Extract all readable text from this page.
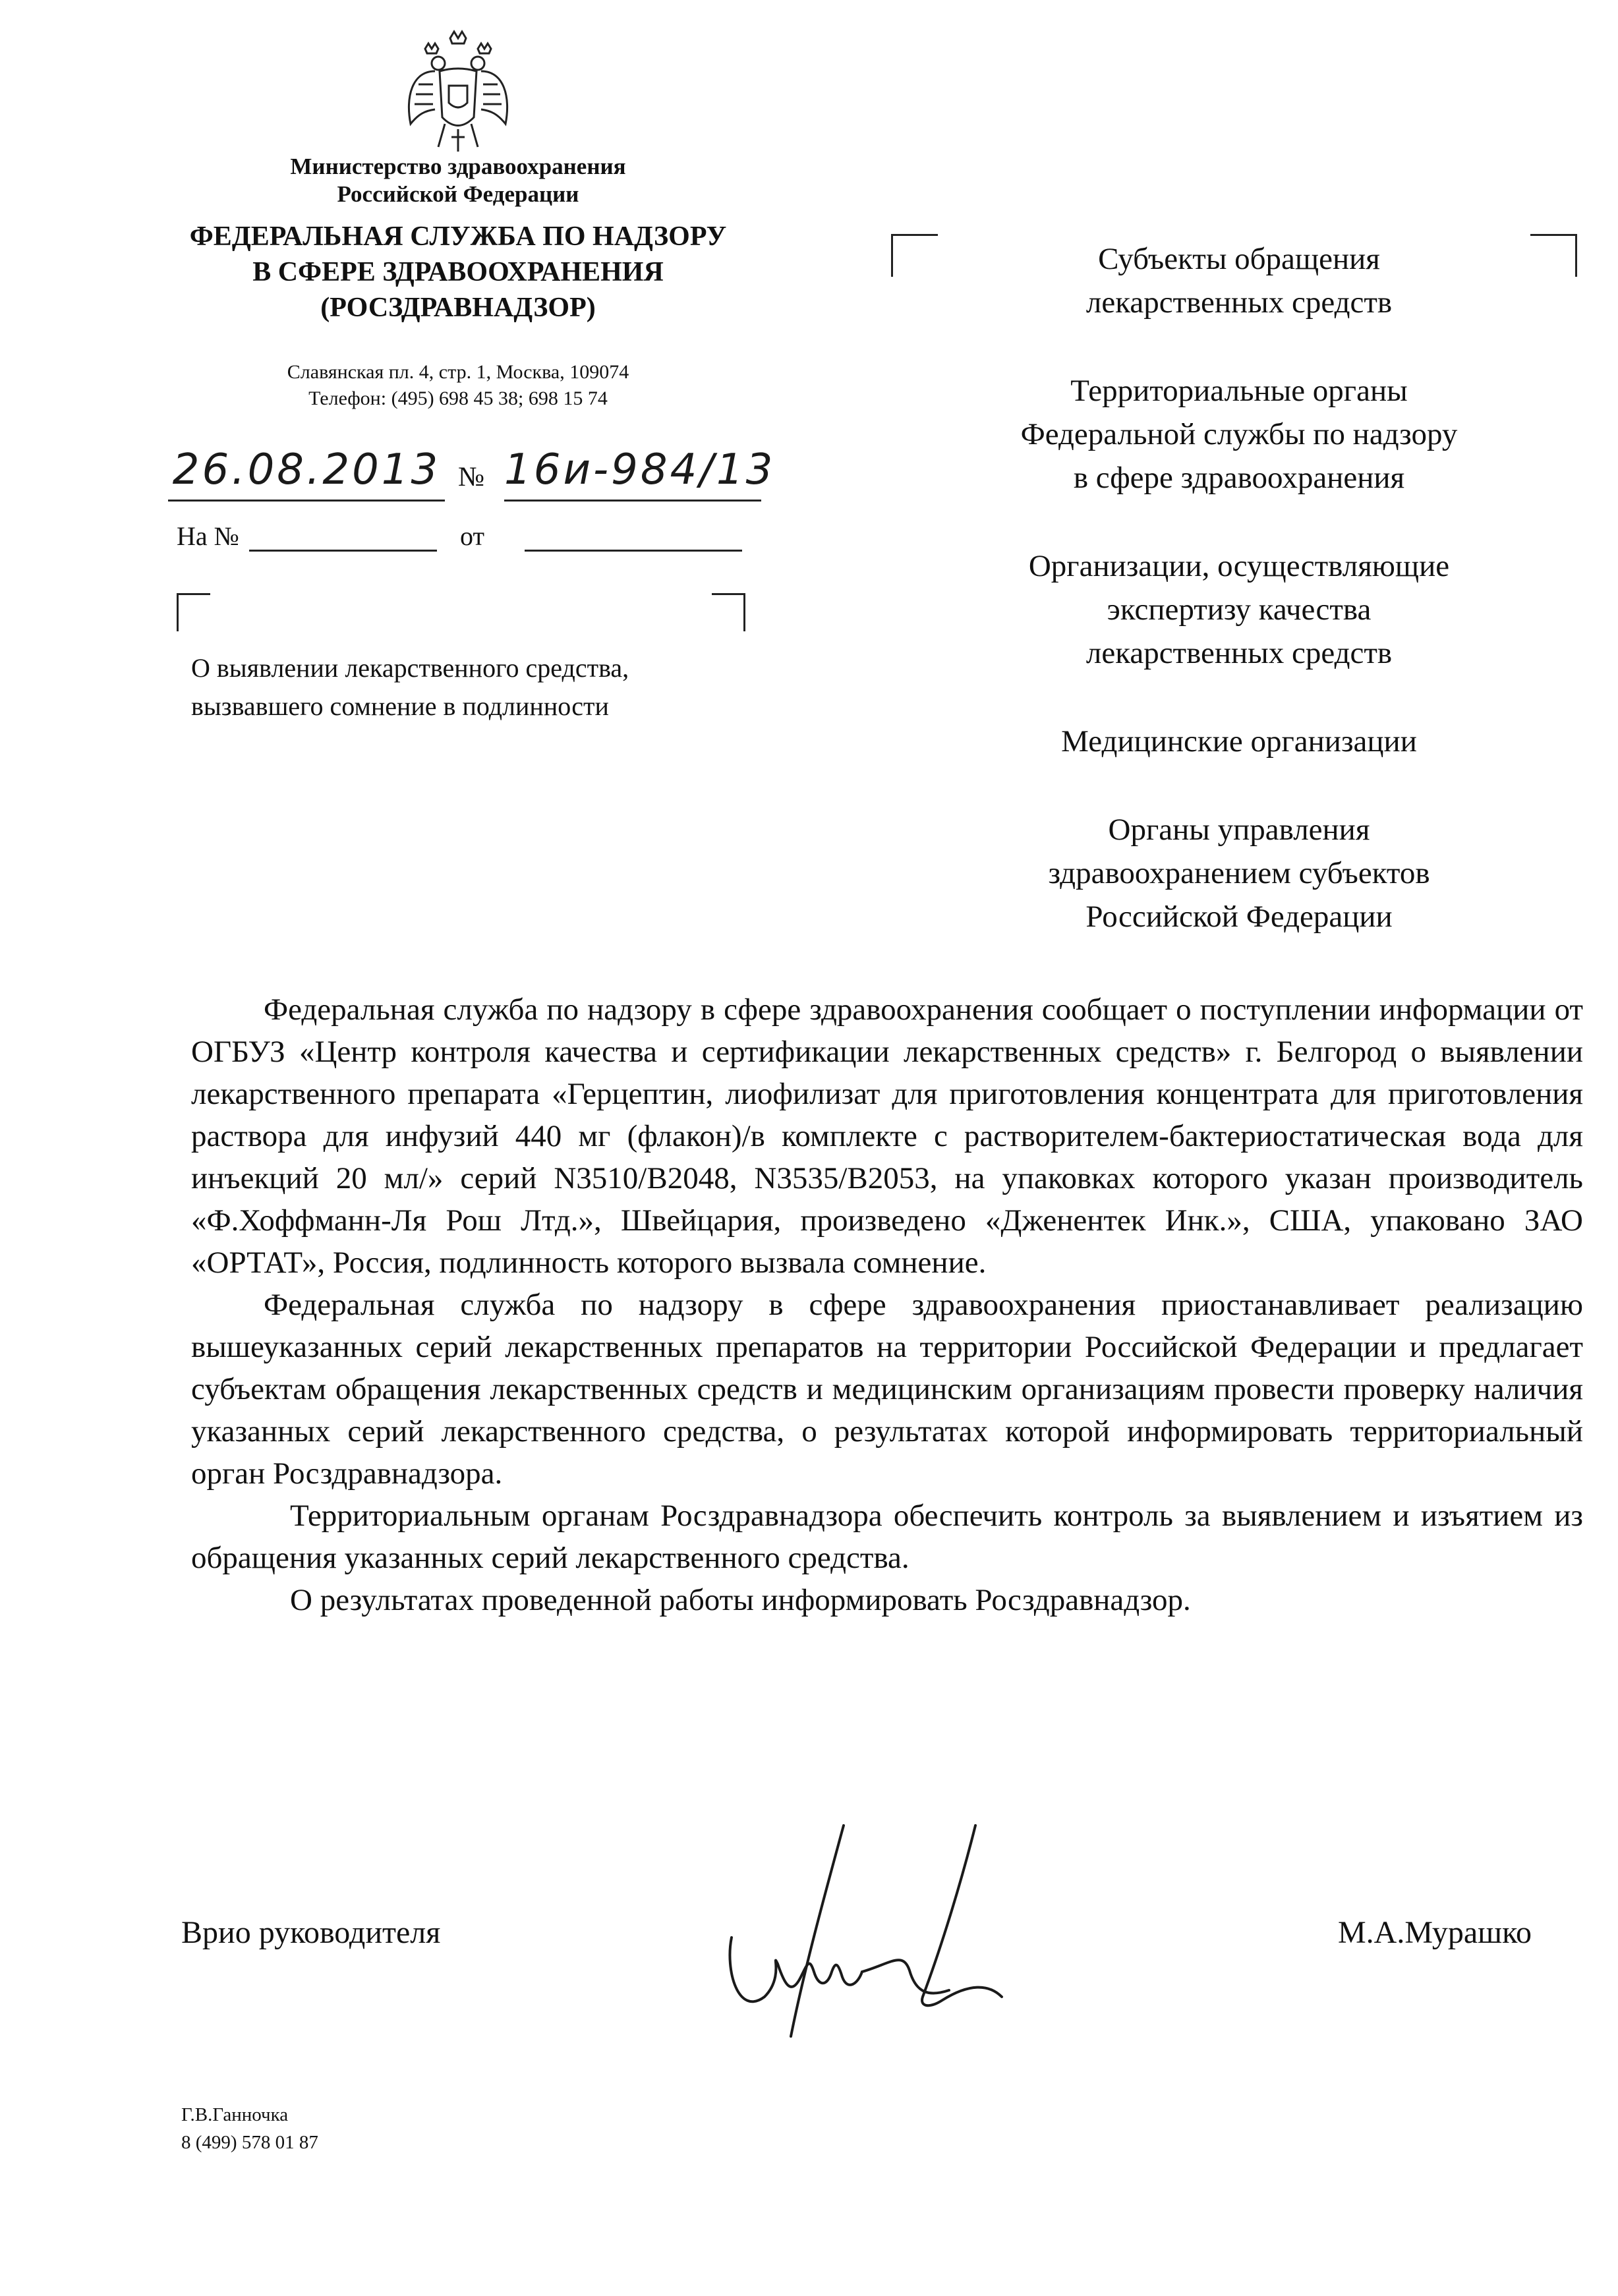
Министерство здравоохранения
Российской Федерации
ФЕДЕРАЛЬНАЯ СЛУЖБА ПО НАДЗОРУ
В СФЕРЕ ЗДРАВООХРАНЕНИЯ
(РОСЗДРАВНАДЗОР)
Славянская пл. 4, стр. 1, Москва, 109074
Телефон: (495) 698 45 38; 698 15 74
26.08.2013 № 16и-984/13
На №	от
О выявлении лекарственного средства,
вызвавшего сомнение в подлинности
Субъекты обращения
лекарственных средств
Территориальные органы
Федеральной службы по надзору
в сфере здравоохранения
Организации, осуществляющие
экспертизу качества
лекарственных средств
Медицинские организации
Органы управления
здравоохранением субъектов
Российской Федерации

Федеральная служба по надзору в сфере здравоохранения сообщает о поступлении информации от ОГБУЗ «Центр контроля качества и сертификации лекарственных средств» г. Белгород о выявлении лекарственного препарата «Герцептин, лиофилизат для приготовления концентрата для приготовления раствора для инфузий 440 мг (флакон)/в комплекте с растворителем-бактериостатическая вода для инъекций 20 мл/» серий N3510/B2048, N3535/B2053, на упаковках которого указан производитель «Ф.Хоффманн-Ля Рош Лтд.», Швейцария, произведено «Дженентек Инк.», США, упаковано ЗАО «ОРТАТ», Россия, подлинность которого вызвала сомнение.

Федеральная служба по надзору в сфере здравоохранения приостанавливает реализацию вышеуказанных серий лекарственных препаратов на территории Российской Федерации и предлагает субъектам обращения лекарственных средств и медицинским организациям провести проверку наличия указанных серий лекарственного средства, о результатах которой информировать территориальный орган Росздравнадзора.

Территориальным органам Росздравнадзора обеспечить контроль за выявлением и изъятием из обращения указанных серий лекарственного средства.

О результатах проведенной работы информировать Росздравнадзор.

Врио руководителя	М.А.Мурашко
Г.В.Ганночка
8 (499) 578 01 87
